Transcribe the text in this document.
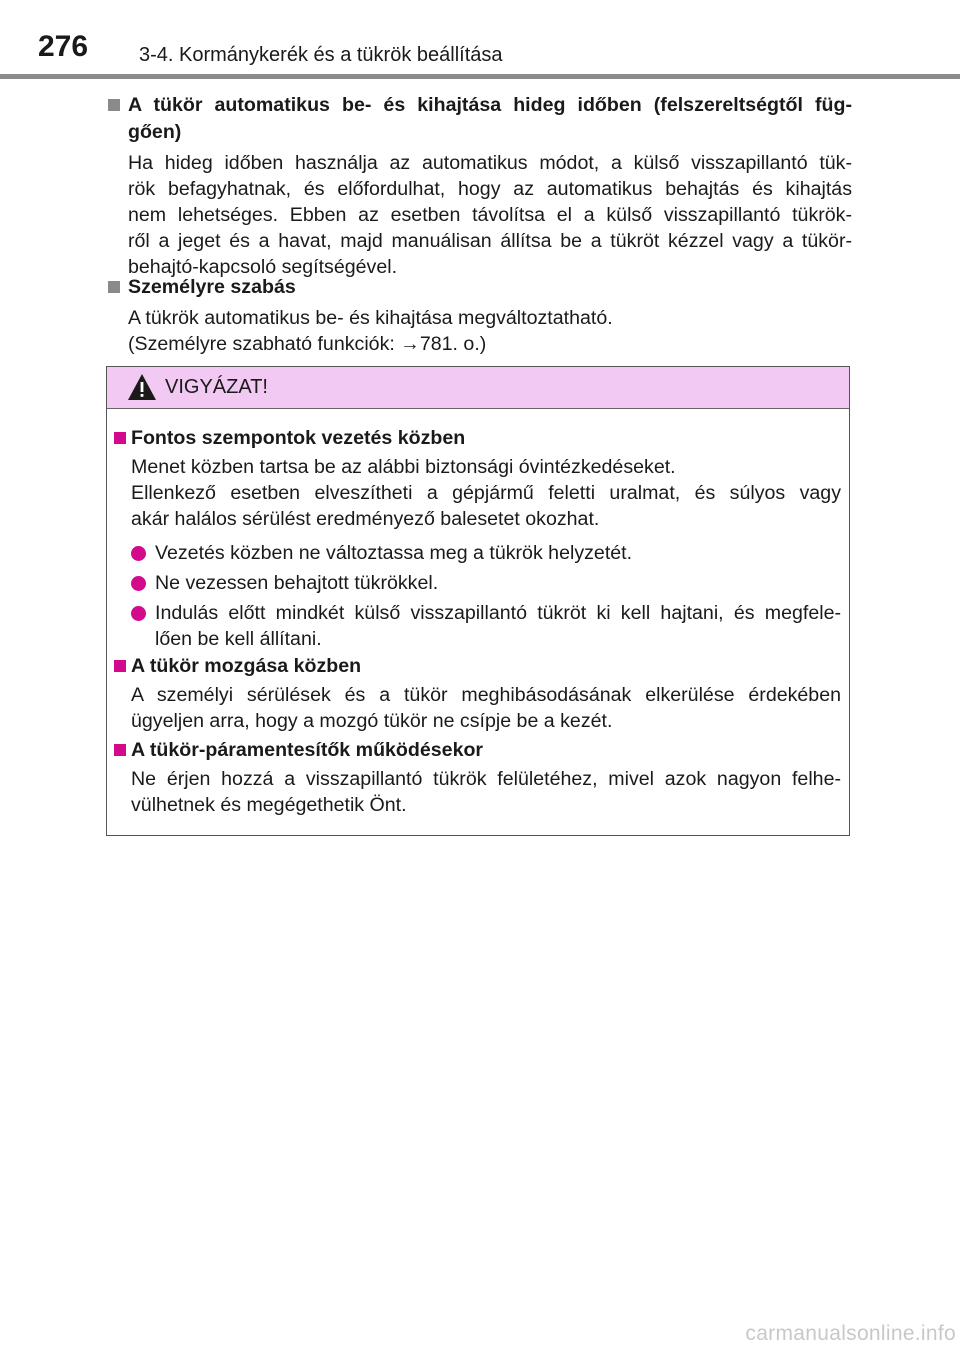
276	3-4. Kormánykerék és a tükrök beállítása
A tükör automatikus be- és kihajtása hideg időben (felszereltségtől füg-
gően)

Ha hideg időben használja az automatikus módot, a külső visszapillantó tük-

rök befagyhatnak, és előfordulhat, hogy az automatikus behajtás és kihajtás

nem lehetséges. Ebben az esetben távolítsa el a külső visszapillantó tükrök-

ről a jeget és a havat, majd manuálisan állítsa be a tükröt kézzel vagy a tükör-

behajtó-kapcsoló segítségével.

Személyre szabás

A tükrök automatikus be- és kihajtása megváltoztatható.

(Személyre szabható funkciók: →781. o.)

VIGYÁZAT!
Fontos szempontok vezetés közben

Menet közben tartsa be az alábbi biztonsági óvintézkedéseket.

Ellenkező esetben elveszítheti a gépjármű feletti uralmat, és súlyos vagy

akár halálos sérülést eredményező balesetet okozhat.

Vezetés közben ne változtassa meg a tükrök helyzetét.

Ne vezessen behajtott tükrökkel.

Indulás előtt mindkét külső visszapillantó tükröt ki kell hajtani, és megfele-

lően be kell állítani.

A tükör mozgása közben

A személyi sérülések és a tükör meghibásodásának elkerülése érdekében

ügyeljen arra, hogy a mozgó tükör ne csípje be a kezét.

A tükör-páramentesítők működésekor

Ne érjen hozzá a visszapillantó tükrök felületéhez, mivel azok nagyon felhe-

vülhetnek és megégethetik Önt.

carmanualsonline.info
